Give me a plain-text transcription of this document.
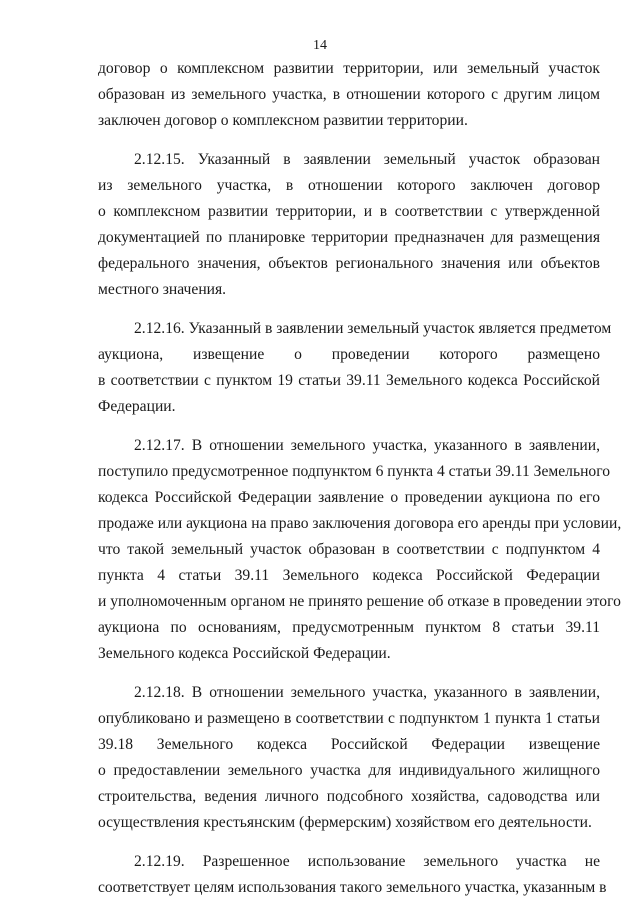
14
договор о комплексном развитии территории, или земельный участок
образован из земельного участка, в отношении которого с другим лицом
заключен договор о комплексном развитии территории.
2.12.15. Указанный в заявлении земельный участок образован
из земельного участка, в отношении которого заключен договор
о комплексном развитии территории, и в соответствии с утвержденной
документацией по планировке территории предназначен для размещения
федерального значения, объектов регионального значения или объектов
местного значения.
2.12.16. Указанный в заявлении земельный участок является предметом
аукциона, извещение о проведении которого размещено
в соответствии с пунктом 19 статьи 39.11 Земельного кодекса Российской
Федерации.
2.12.17. В отношении земельного участка, указанного в заявлении,
поступило предусмотренное подпунктом 6 пункта 4 статьи 39.11 Земельного
кодекса Российской Федерации заявление о проведении аукциона по его
продаже или аукциона на право заключения договора его аренды при условии,
что такой земельный участок образован в соответствии с подпунктом 4
пункта 4 статьи 39.11 Земельного кодекса Российской Федерации
и уполномоченным органом не принято решение об отказе в проведении этого
аукциона по основаниям, предусмотренным пунктом 8 статьи 39.11
Земельного кодекса Российской Федерации.
2.12.18. В отношении земельного участка, указанного в заявлении,
опубликовано и размещено в соответствии с подпунктом 1 пункта 1 статьи
39.18 Земельного кодекса Российской Федерации извещение
о предоставлении земельного участка для индивидуального жилищного
строительства, ведения личного подсобного хозяйства, садоводства или
осуществления крестьянским (фермерским) хозяйством его деятельности.
2.12.19. Разрешенное использование земельного участка не
соответствует целям использования такого земельного участка, указанным в
